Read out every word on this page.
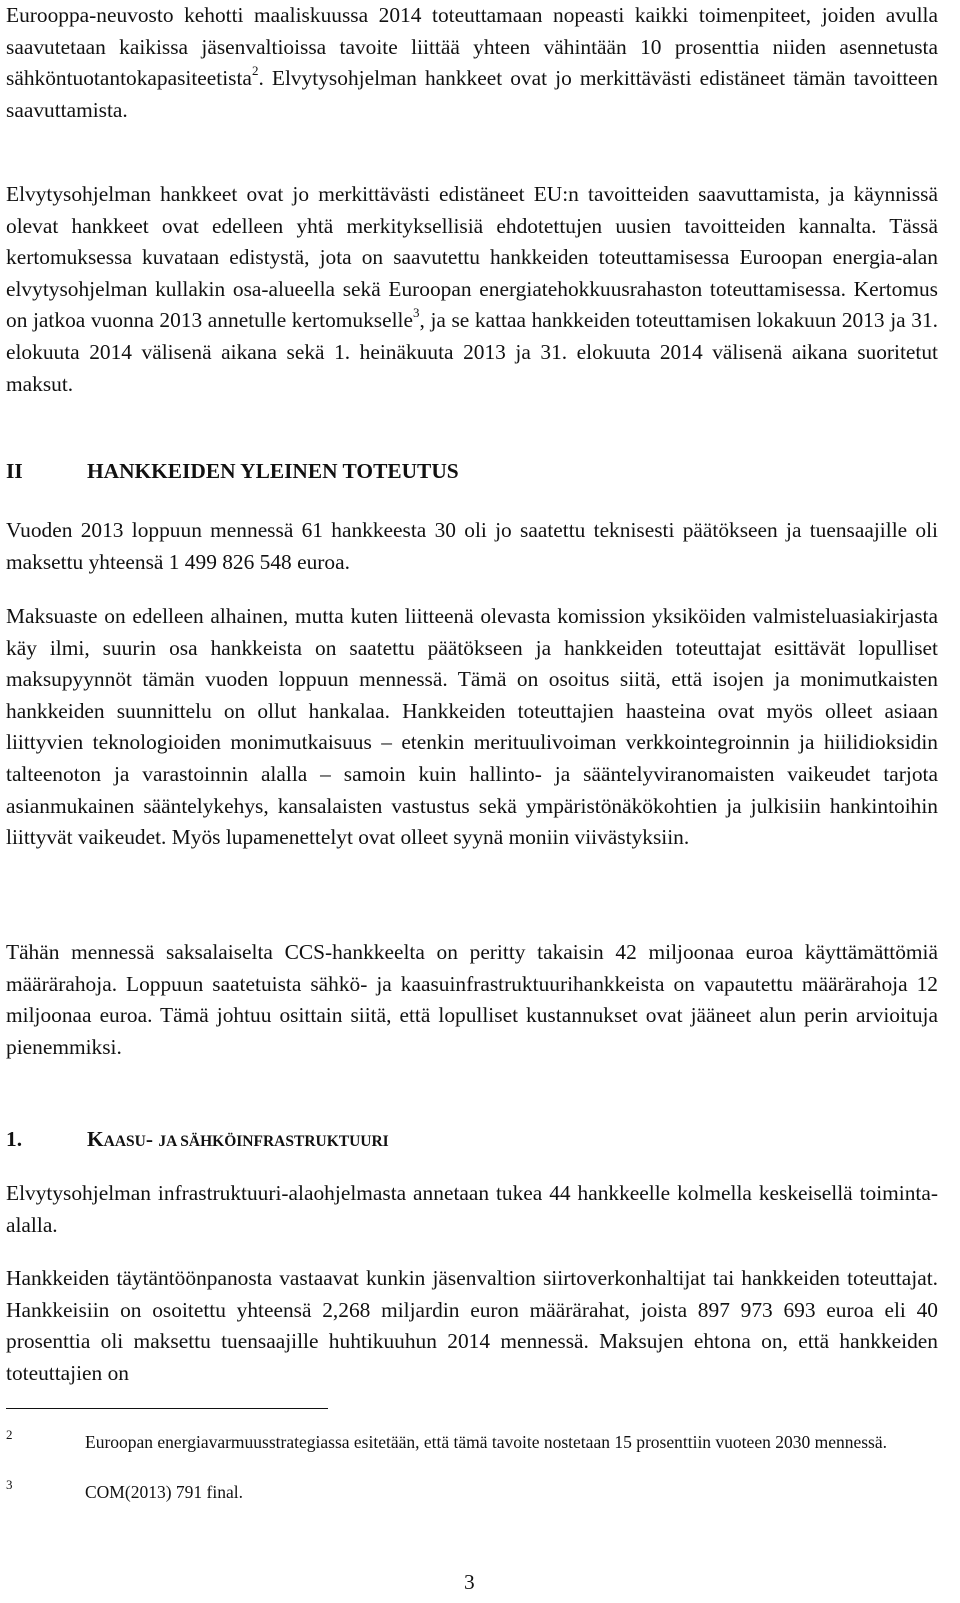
Eurooppa-neuvosto kehotti maaliskuussa 2014 toteuttamaan nopeasti kaikki toimenpiteet, joiden avulla saavutetaan kaikissa jäsenvaltioissa tavoite liittää yhteen vähintään 10 prosenttia niiden asennetusta sähköntuotantokapasiteetista$^2$. Elvytysohjelman hankkeet ovat jo merkittävästi edistäneet tämän tavoitteen saavuttamista.

Elvytysohjelman hankkeet ovat jo merkittävästi edistäneet EU:n tavoitteiden saavuttamista, ja käynnissä olevat hankkeet ovat edelleen yhtä merkityksellisiä ehdotettujen uusien tavoitteiden kannalta. Tässä kertomuksessa kuvataan edistystä, jota on saavutettu hankkeiden toteuttamisessa Euroopan energia-alan elvytysohjelman kullakin osa-alueella sekä Euroopan energiatehokkuusrahaston toteuttamisessa. Kertomus on jatkoa vuonna 2013 annetulle kertomukselle$^3$, ja se kattaa hankkeiden toteuttamisen lokakuun 2013 ja 31. elokuuta 2014 välisenä aikana sekä 1. heinäkuuta 2013 ja 31. elokuuta 2014 välisenä aikana suoritetut maksut.

II	HANKKEIDEN YLEINEN TOTEUTUS

Vuoden 2013 loppuun mennessä 61 hankkeesta 30 oli jo saatettu teknisesti päätökseen ja tuensaajille oli maksettu yhteensä 1 499 826 548 euroa.

Maksuaste on edelleen alhainen, mutta kuten liitteenä olevasta komission yksiköiden valmisteluasiakirjasta käy ilmi, suurin osa hankkeista on saatettu päätökseen ja hankkeiden toteuttajat esittävät lopulliset maksupyynnöt tämän vuoden loppuun mennessä. Tämä on osoitus siitä, että isojen ja monimutkaisten hankkeiden suunnittelu on ollut hankalaa. Hankkeiden toteuttajien haasteina ovat myös olleet asiaan liittyvien teknologioiden monimutkaisuus – etenkin merituulivoiman verkkointegroinnin ja hiilidioksidin talteenoton ja varastoinnin alalla – samoin kuin hallinto- ja sääntelyviranomaisten vaikeudet tarjota asianmukainen sääntelykehys, kansalaisten vastustus sekä ympäristönäkökohtien ja julkisiin hankintoihin liittyvät vaikeudet. Myös lupamenettelyt ovat olleet syynä moniin viivästyksiin.

Tähän mennessä saksalaiselta CCS-hankkeelta on peritty takaisin 42 miljoonaa euroa käyttämättömiä määrärahoja. Loppuun saatetuista sähkö- ja kaasuinfrastruktuurihankkeista on vapautettu määrärahoja 12 miljoonaa euroa. Tämä johtuu osittain siitä, että lopulliset kustannukset ovat jääneet alun perin arvioituja pienemmiksi.

1.	KAASU- JA SÄHKÖINFRASTRUKTUURI

Elvytysohjelman infrastruktuuri-alaohjelmasta annetaan tukea 44 hankkeelle kolmella keskeisellä toiminta-alalla.

Hankkeiden täytäntöönpanosta vastaavat kunkin jäsenvaltion siirtoverkonhaltijat tai hankkeiden toteuttajat. Hankkeisiin on osoitettu yhteensä 2,268 miljardin euron määrärahat, joista 897 973 693 euroa eli 40 prosenttia oli maksettu tuensaajille huhtikuuhun 2014 mennessä. Maksujen ehtona on, että hankkeiden toteuttajien on

2	Euroopan energiavarmuusstrategiassa esitetään, että tämä tavoite nostetaan 15 prosenttiin vuoteen 2030 mennessä.
3	COM(2013) 791 final.
3
